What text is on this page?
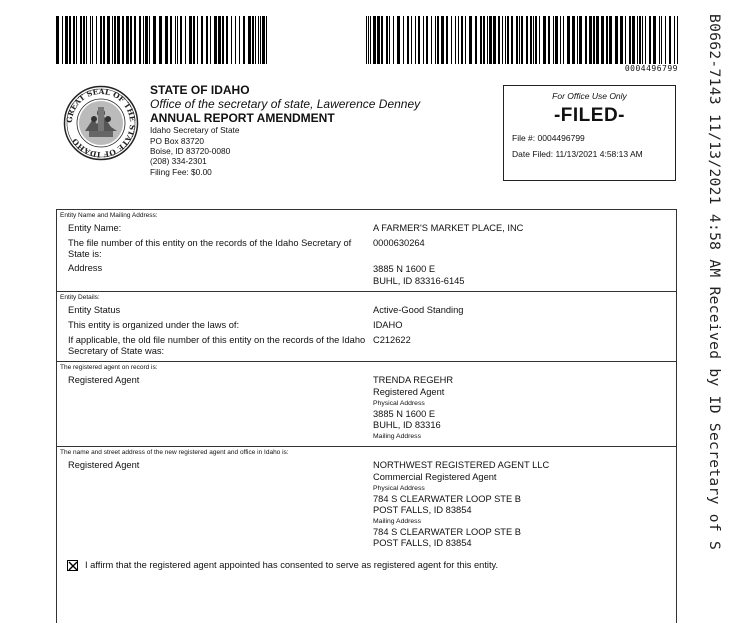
0004496799
GREAT SEAL OF THE STATE OF IDAHO
STATE OF IDAHO
Office of the secretary of state, Lawerence Denney
ANNUAL REPORT AMENDMENT
Idaho Secretary of State
PO Box 83720
Boise, ID 83720-0080
(208) 334-2301
Filing Fee: $0.00
For Office Use Only
-FILED-
File #: 0004496799
Date Filed: 11/13/2021 4:58:13 AM
Entity Name and Mailing Address:
Entity Name:	A FARMER'S MARKET PLACE, INC
The file number of this entity on the records of the Idaho Secretary of State is:
0000630264
Address	3885 N 1600 E
BUHL, ID 83316-6145
Entity Details:
Entity Status	Active-Good Standing
This entity is organized under the laws of:	IDAHO
If applicable, the old file number of this entity on the records of the Idaho Secretary of State was:
C212622
The registered agent on record is:
Registered Agent	TRENDA REGEHR
Registered Agent
Physical Address
3885 N 1600 E
BUHL, ID 83316
Mailing Address
The name and street address of the new registered agent and office in Idaho is:
Registered Agent	NORTHWEST REGISTERED AGENT LLC
Commercial Registered Agent
Physical Address
784 S CLEARWATER LOOP STE B
POST FALLS, ID 83854
Mailing Address
784 S CLEARWATER LOOP STE B
POST FALLS, ID 83854
I affirm that the registered agent appointed has consented to serve as registered agent for this entity.
B0662-7143 11/13/2021 4:58 AM Received by ID Secretary of S
